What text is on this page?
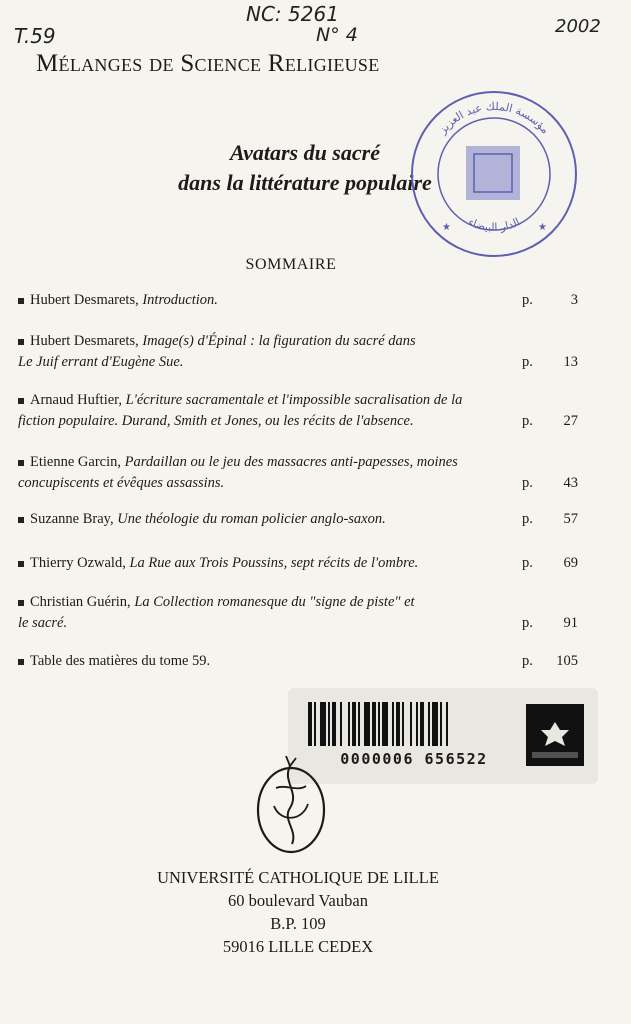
T.59
NC: 5261
N° 4	2002
Mélanges de Science Religieuse
Avatars du sacré
dans la littérature populaire
مؤسسة الملك عبد العزيز
الدار البيضاء
★	★
SOMMAIRE
Hubert Desmarets, Introduction.	p.	3
Hubert Desmarets, Image(s) d'Épinal : la figuration du sacré dans
Le Juif errant d'Eugène Sue.	p. 13
Arnaud Huftier, L'écriture sacramentale et l'impossible sacralisation de la
fiction populaire. Durand, Smith et Jones, ou les récits de l'absence.	p. 27
Etienne Garcin, Pardaillan ou le jeu des massacres anti-papesses, moines
concupiscents et évêques assassins.	p. 43
Suzanne Bray, Une théologie du roman policier anglo-saxon.	p. 57
Thierry Ozwald, La Rue aux Trois Poussins, sept récits de l'ombre.	p. 69
Christian Guérin, La Collection romanesque du "signe de piste" et
le sacré.	p. 91
Table des matières du tome 59.	p. 105
0000006 656522
UNIVERSITÉ CATHOLIQUE DE LILLE
60 boulevard Vauban
B.P. 109
59016 LILLE CEDEX
